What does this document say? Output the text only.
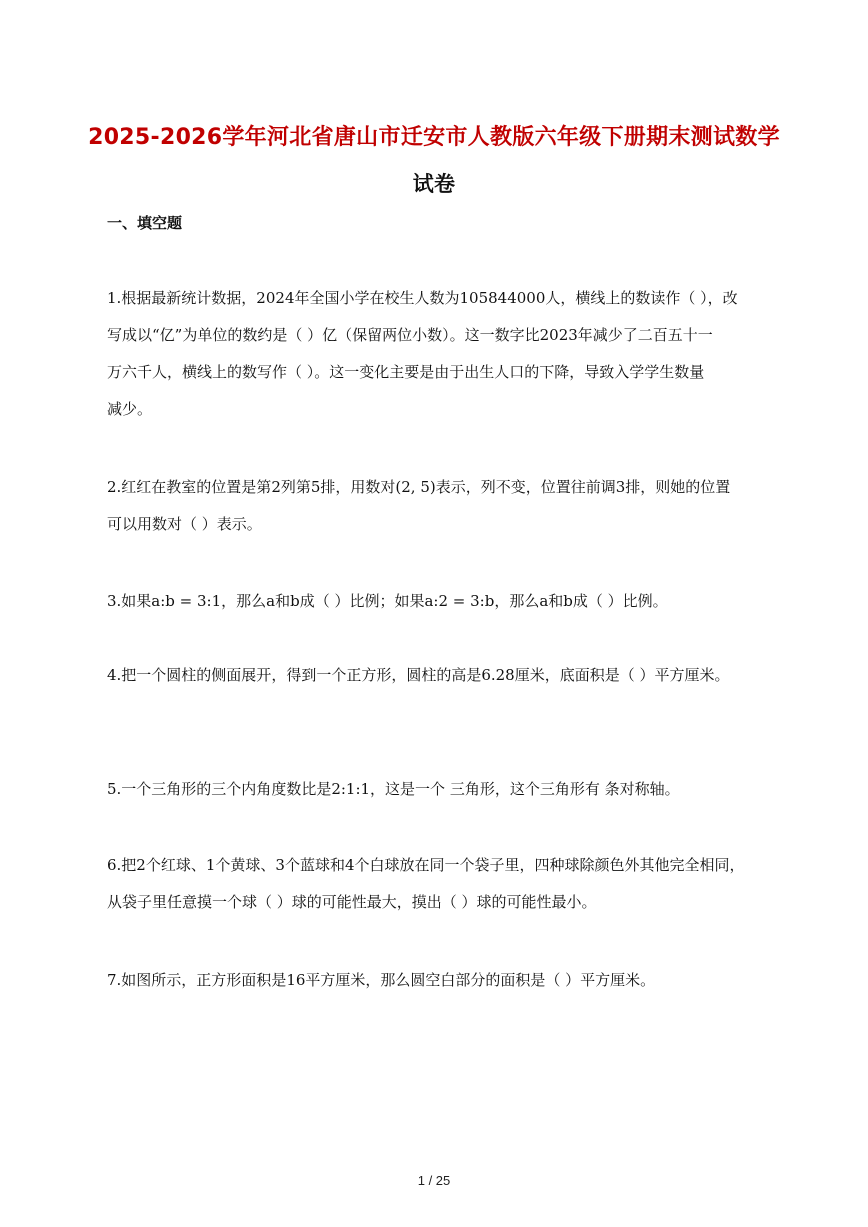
2025-2026学年河北省唐山市迁安市人教版六年级下册期末测试数学
试卷
一、填空题
1.根据最新统计数据，2024年全国小学在校生人数为105844000人，横线上的数读作（ ），改
写成以“亿”为单位的数约是（ ）亿（保留两位小数）。这一数字比2023年减少了二百五十一
万六千人，横线上的数写作（ ）。这一变化主要是由于出生人口的下降，导致入学学生数量
减少。
2.红红在教室的位置是第2列第5排，用数对(2, 5)表示，列不变，位置往前调3排，则她的位置
可以用数对（ ）表示。
3.如果a:b = 3:1，那么a和b成（ ）比例；如果a:2 = 3:b，那么a和b成（ ）比例。
4.把一个圆柱的侧面展开，得到一个正方形，圆柱的高是6.28厘米，底面积是（ ）平方厘米。
5.一个三角形的三个内角度数比是2:1:1，这是一个 三角形，这个三角形有 条对称轴。
6.把2个红球、1个黄球、3个蓝球和4个白球放在同一个袋子里，四种球除颜色外其他完全相同，
从袋子里任意摸一个球（ ）球的可能性最大，摸出（ ）球的可能性最小。
7.如图所示，正方形面积是16平方厘米，那么圆空白部分的面积是（ ）平方厘米。
1 / 25
